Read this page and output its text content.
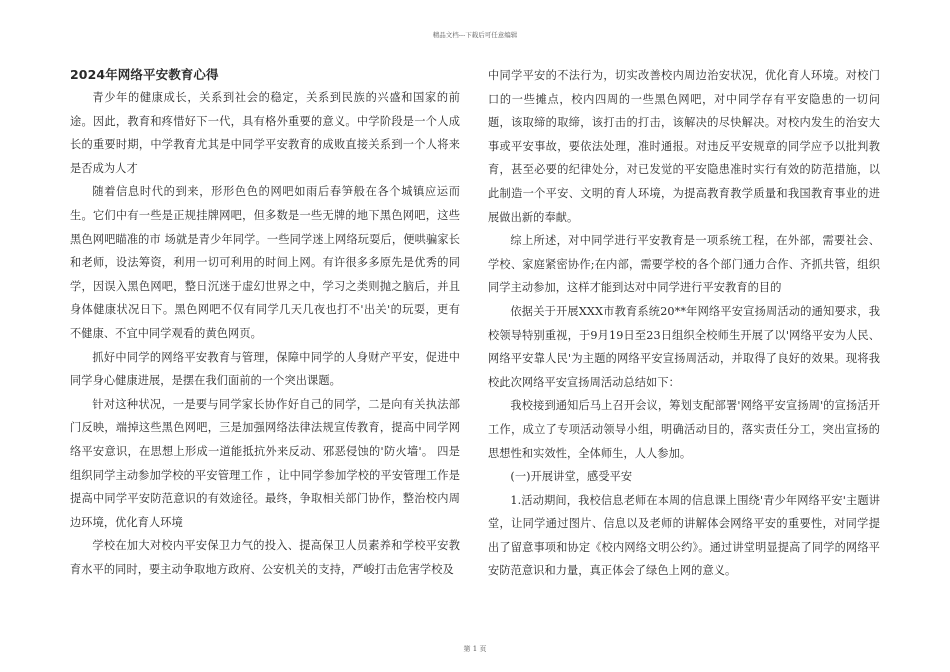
精品文档---下载后可任意编辑
2024年网络平安教育心得

青少年的健康成长，关系到社会的稳定，关系到民族的兴盛和国家的前途。因此，教育和疼惜好下一代，具有格外重要的意义。中学阶段是一个人成长的重要时期，中学教育尤其是中同学平安教育的成败直接关系到一个人将来是否成为人才

随着信息时代的到来，形形色色的网吧如雨后春笋般在各个城镇应运而生。它们中有一些是正规挂牌网吧，但多数是一些无牌的地下黑色网吧，这些黑色网吧瞄准的市 场就是青少年同学。一些同学迷上网络玩耍后，便哄骗家长和老师，设法筹资，利用一切可利用的时间上网。有许很多多原先是优秀的同学，因误入黑色网吧，整日沉迷于虚幻世界之中，学习之类则抛之脑后，并且身体健康状况日下。黑色网吧不仅有同学几天几夜也打不'出关'的玩耍，更有不健康、不宜中同学观看的黄色网页。

抓好中同学的网络平安教育与管理，保障中同学的人身财产平安，促进中同学身心健康进展，是摆在我们面前的一个突出课题。

针对这种状况，一是要与同学家长协作好自己的同学，二是向有关执法部门反映，端掉这些黑色网吧，三是加强网络法律法规宣传教育，提高中同学网络平安意识，在思想上形成一道能抵抗外来反动、邪恶侵蚀的'防火墙'。 四是组织同学主动参加学校的平安管理工作 ，让中同学参加学校的平安管理工作是提高中同学平安防范意识的有效途径。最终，争取相关部门协作，整治校内周边环境，优化育人环境

学校在加大对校内平安保卫力气的投入、提高保卫人员素养和学校平安教育水平的同时，要主动争取地方政府、公安机关的支持，严峻打击危害学校及

中同学平安的不法行为，切实改善校内周边治安状况，优化育人环境。对校门口的一些摊点，校内四周的一些黑色网吧，对中同学存有平安隐患的一切问题，该取缔的取缔，该打击的打击，该解决的尽快解决。对校内发生的治安大事或平安事故，要依法处理，准时通报。对违反平安规章的同学应予以批判教育，甚至必要的纪律处分，对已发觉的平安隐患准时实行有效的防范措施，以此制造一个平安、文明的育人环境，为提高教育教学质量和我国教育事业的进展做出新的奉献。

综上所述，对中同学进行平安教育是一项系统工程，在外部，需要社会、学校、家庭紧密协作;在内部，需要学校的各个部门通力合作、齐抓共管，组织同学主动参加，这样才能到达对中同学进行平安教育的目的

依据关于开展XXX市教育系统20**年网络平安宣扬周活动的通知要求，我校领导特别重视，于9月19日至23日组织全校师生开展了以'网络平安为人民、网络平安靠人民'为主题的网络平安宣扬周活动，并取得了良好的效果。现将我校此次网络平安宣扬周活动总结如下：

我校接到通知后马上召开会议，筹划支配部署'网络平安宣扬周'的宣扬活开工作，成立了专项活动领导小组，明确活动目的，落实责任分工，突出宣扬的思想性和实效性，全体师生，人人参加。

(一)开展讲堂，感受平安

1.活动期间，我校信息老师在本周的信息课上围绕'青少年网络平安'主题讲堂，让同学通过图片、信息以及老师的讲解体会网络平安的重要性，对同学提出了留意事项和协定《校内网络文明公约》。通过讲堂明显提高了同学的网络平安防范意识和力量，真正体会了绿色上网的意义。

第 1 页
